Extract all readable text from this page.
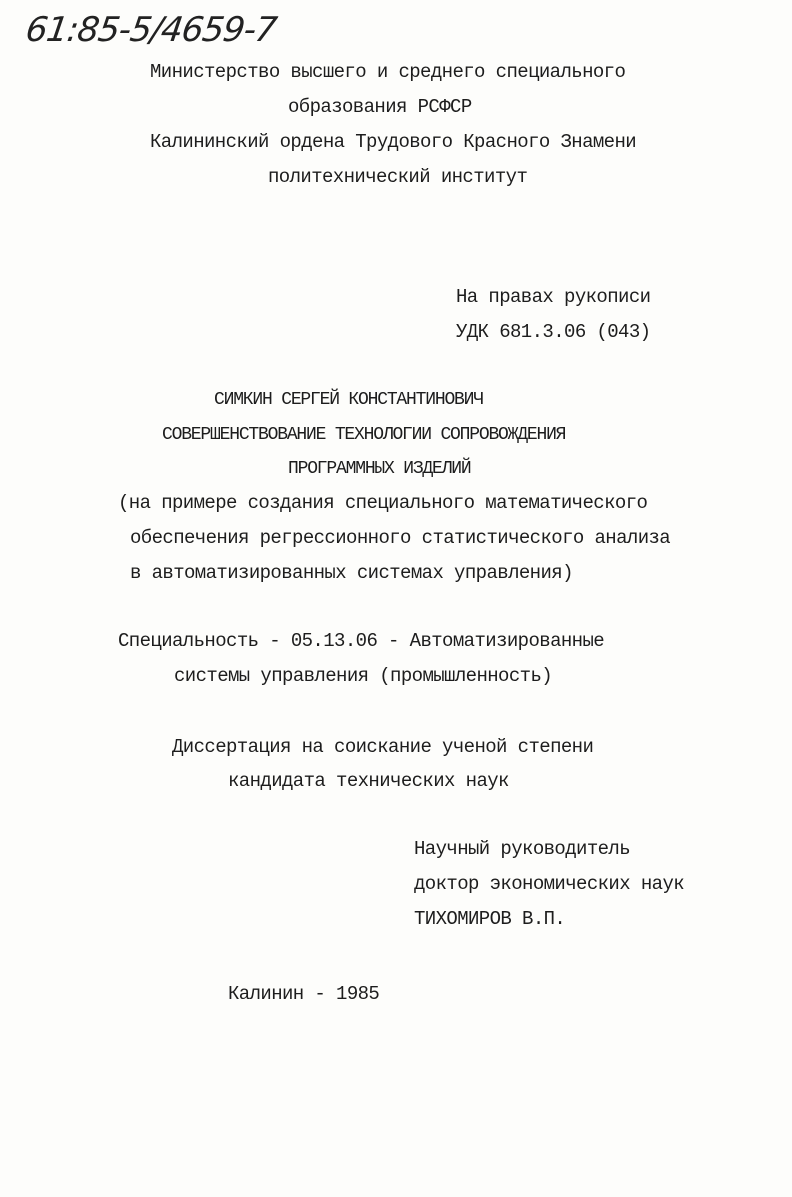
61:85-5/4659-7
Министерство высшего и среднего специального
образования РСФСР
Калининский ордена Трудового Красного Знамени
политехнический институт
На правах рукописи
УДК 681.3.06 (043)
СИМКИН СЕРГЕЙ КОНСТАНТИНОВИЧ
СОВЕРШЕНСТВОВАНИЕ ТЕХНОЛОГИИ СОПРОВОЖДЕНИЯ
ПРОГРАММНЫХ ИЗДЕЛИЙ
(на примере создания специального математического
обеспечения регрессионного статистического анализа
в автоматизированных системах управления)
Специальность - 05.13.06 - Автоматизированные
системы управления (промышленность)
Диссертация на соискание ученой степени
кандидата технических наук
Научный руководитель
доктор экономических наук
ТИХОМИРОВ В.П.
Калинин - 1985
